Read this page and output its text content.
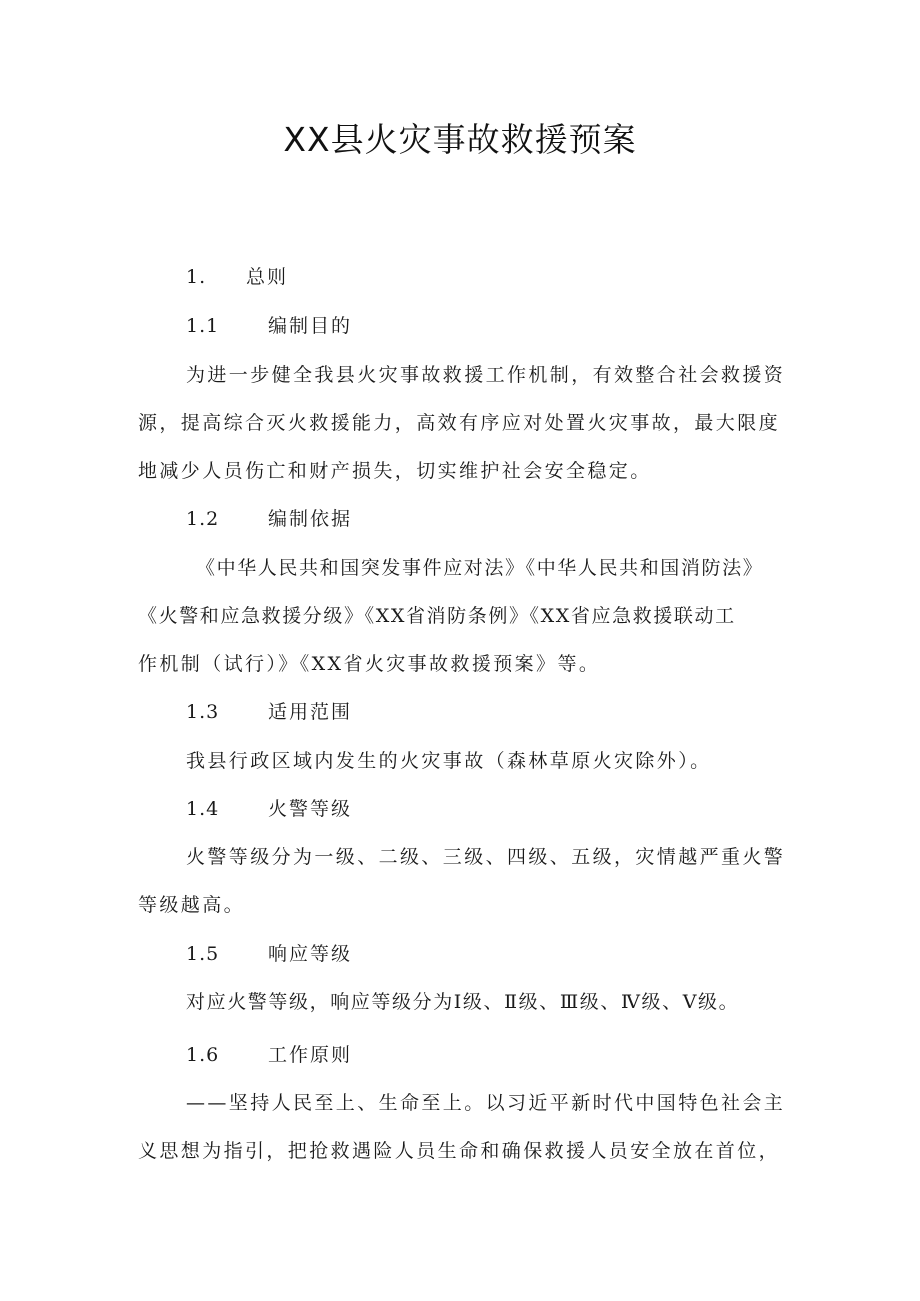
XX县火灾事故救援预案
1. 总则
1.1	编制目的
为进一步健全我县火灾事故救援工作机制，有效整合社会救援资
源，提高综合灭火救援能力，高效有序应对处置火灾事故，最大限度
地减少人员伤亡和财产损失，切实维护社会安全稳定。
1.2	编制依据
《中华人民共和国突发事件应对法》《中华人民共和国消防法》
《火警和应急救援分级》《XX省消防条例》《XX省应急救援联动工
作机制（试行）》《XX省火灾事故救援预案》等。
1.3	适用范围
我县行政区域内发生的火灾事故（森林草原火灾除外）。
1.4	火警等级
火警等级分为一级、二级、三级、四级、五级，灾情越严重火警
等级越高。
1.5	响应等级
对应火警等级，响应等级分为Ⅰ级、Ⅱ级、Ⅲ级、Ⅳ级、Ⅴ级。
1.6	工作原则
——坚持人民至上、生命至上。以习近平新时代中国特色社会主
义思想为指引，把抢救遇险人员生命和确保救援人员安全放在首位，
